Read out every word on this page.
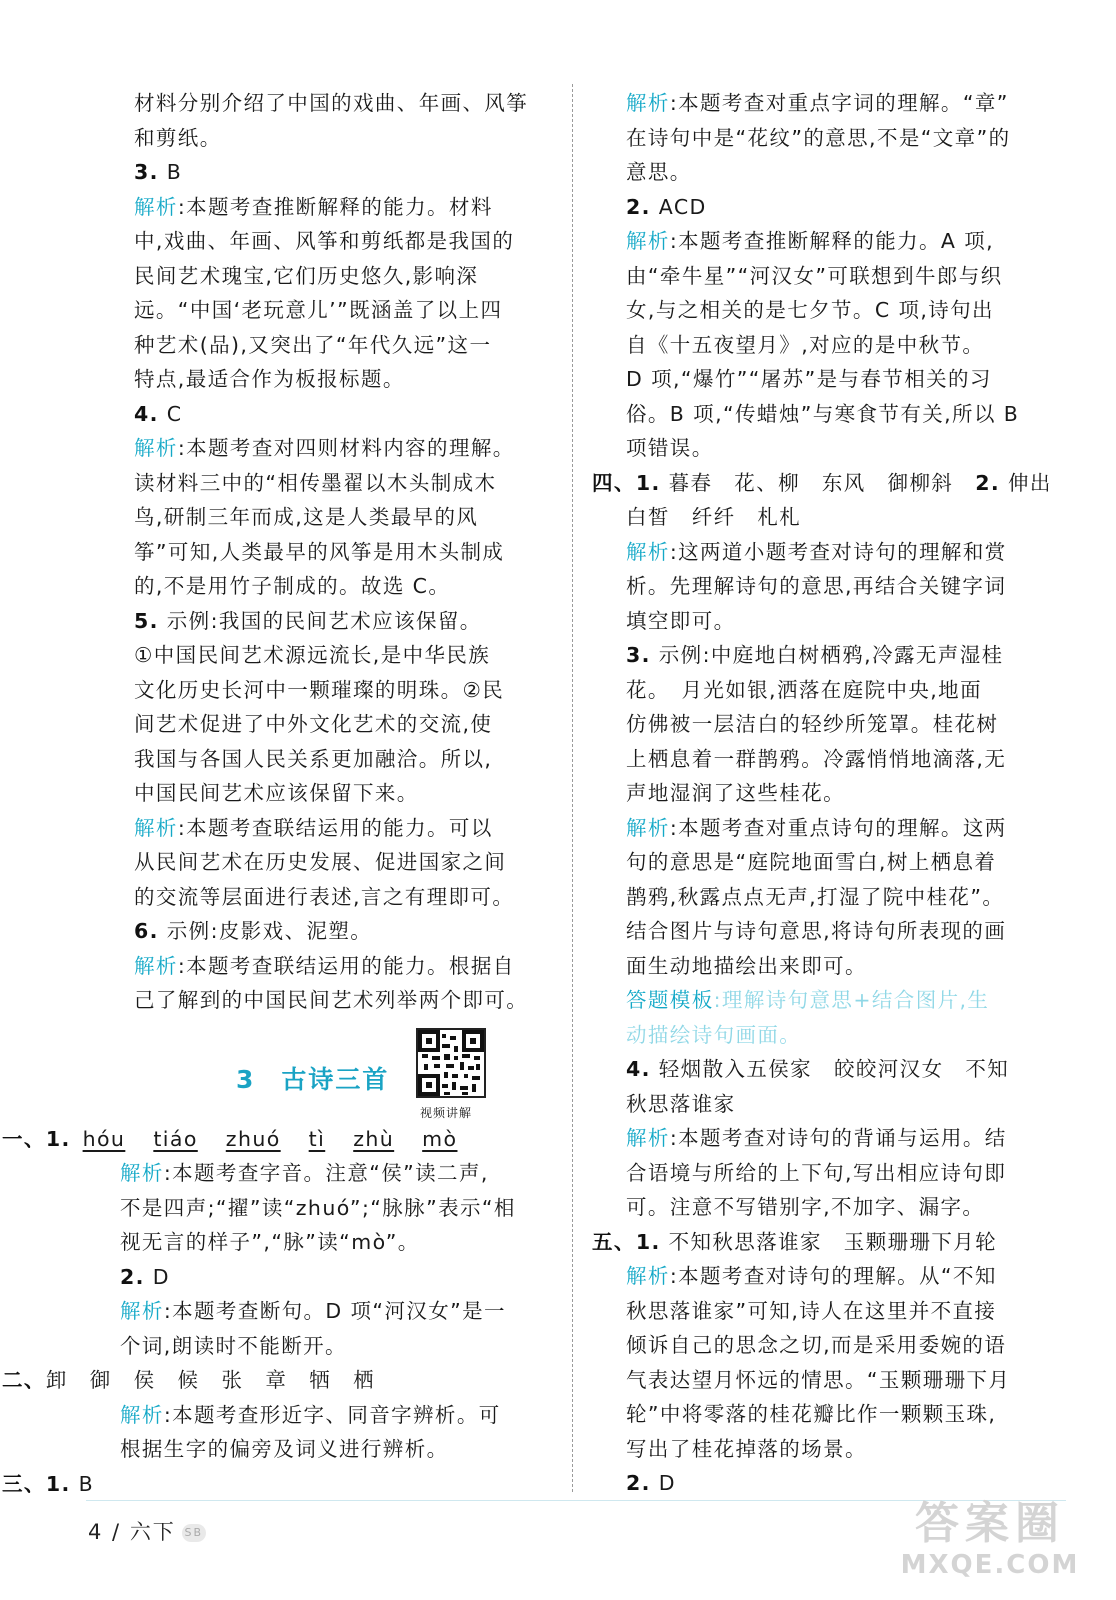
材料分别介绍了中国的戏曲、年画、风筝
和剪纸。
3. B
解析:本题考查推断解释的能力。材料
中,戏曲、年画、风筝和剪纸都是我国的
民间艺术瑰宝,它们历史悠久,影响深
远。“中国‘老玩意儿’”既涵盖了以上四
种艺术(品),又突出了“年代久远”这一
特点,最适合作为板报标题。
4. C
解析:本题考查对四则材料内容的理解。
读材料三中的“相传墨翟以木头制成木
鸟,研制三年而成,这是人类最早的风
筝”可知,人类最早的风筝是用木头制成
的,不是用竹子制成的。故选 C。
5. 示例:我国的民间艺术应该保留。
①中国民间艺术源远流长,是中华民族
文化历史长河中一颗璀璨的明珠。②民
间艺术促进了中外文化艺术的交流,使
我国与各国人民关系更加融洽。所以,
中国民间艺术应该保留下来。
解析:本题考查联结运用的能力。可以
从民间艺术在历史发展、促进国家之间
的交流等层面进行表述,言之有理即可。
6. 示例:皮影戏、泥塑。
解析:本题考查联结运用的能力。根据自
己了解到的中国民间艺术列举两个即可。
3 古诗三首
视频讲解
一、1. hóu tiáo zhuó tì zhù mò
解析:本题考查字音。注意“侯”读二声,
不是四声;“擢”读“zhuó”;“脉脉”表示“相
视无言的样子”,“脉”读“mò”。
2. D
解析:本题考查断句。D 项“河汉女”是一
个词,朗读时不能断开。
二、卸 御 侯 候 张 章 牺 栖
解析:本题考查形近字、同音字辨析。可
根据生字的偏旁及词义进行辨析。
三、1. B
解析:本题考查对重点字词的理解。“章”
在诗句中是“花纹”的意思,不是“文章”的
意思。
2. ACD
解析:本题考查推断解释的能力。A 项,
由“牵牛星”“河汉女”可联想到牛郎与织
女,与之相关的是七夕节。C 项,诗句出
自《十五夜望月》,对应的是中秋节。
D 项,“爆竹”“屠苏”是与春节相关的习
俗。B 项,“传蜡烛”与寒食节有关,所以 B
项错误。
四、1. 暮春　花、柳　东风　御柳斜　2. 伸出
白皙　纤纤　札札
解析:这两道小题考查对诗句的理解和赏
析。先理解诗句的意思,再结合关键字词
填空即可。
3. 示例:中庭地白树栖鸦,冷露无声湿桂
花。　月光如银,洒落在庭院中央,地面
仿佛被一层洁白的轻纱所笼罩。桂花树
上栖息着一群鹊鸦。冷露悄悄地滴落,无
声地湿润了这些桂花。
解析:本题考查对重点诗句的理解。这两
句的意思是“庭院地面雪白,树上栖息着
鹊鸦,秋露点点无声,打湿了院中桂花”。
结合图片与诗句意思,将诗句所表现的画
面生动地描绘出来即可。
答题模板:理解诗句意思+结合图片,生
动描绘诗句画面。
4. 轻烟散入五侯家　皎皎河汉女　不知
秋思落谁家
解析:本题考查对诗句的背诵与运用。结
合语境与所给的上下句,写出相应诗句即
可。注意不写错别字,不加字、漏字。
五、1. 不知秋思落谁家　玉颗珊珊下月轮
解析:本题考查对诗句的理解。从“不知
秋思落谁家”可知,诗人在这里并不直接
倾诉自己的思念之切,而是采用委婉的语
气表达望月怀远的情思。“玉颗珊珊下月
轮”中将零落的桂花瓣比作一颗颗玉珠,
写出了桂花掉落的场景。
2. D
4 / 六下 SB	答案圈
MXQE.COM
